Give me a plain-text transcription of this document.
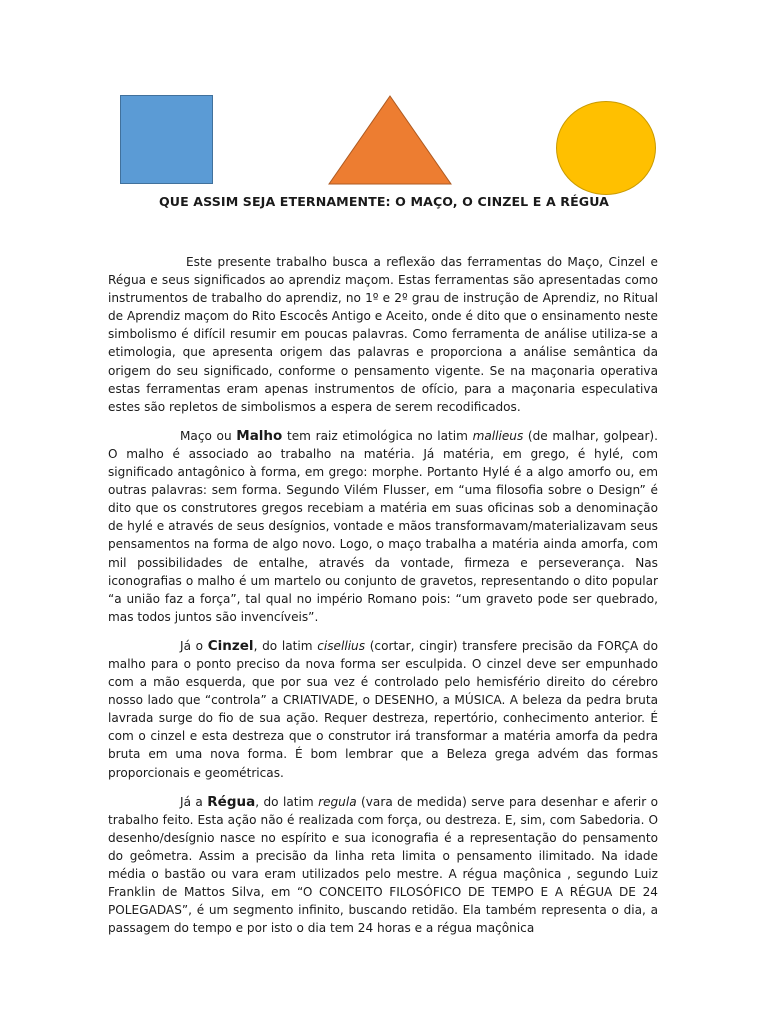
QUE ASSIM SEJA ETERNAMENTE: O MAÇO, O CINZEL E A RÉGUA

Este presente trabalho busca a reflexão das ferramentas do Maço, Cinzel e Régua e seus significados ao aprendiz maçom. Estas ferramentas são apresentadas como instrumentos de trabalho do aprendiz, no 1º e 2º grau de instrução de Aprendiz, no Ritual de Aprendiz maçom do Rito Escocês Antigo e Aceito, onde é dito que o ensinamento neste simbolismo é difícil resumir em poucas palavras. Como ferramenta de análise utiliza-se a etimologia, que apresenta origem das palavras e proporciona a análise semântica da origem do seu significado, conforme o pensamento vigente. Se na maçonaria operativa estas ferramentas eram apenas instrumentos de ofício, para a maçonaria especulativa estes são repletos de simbolismos a espera de serem recodificados.

Maço ou Malho tem raiz etimológica no latim mallieus (de malhar, golpear). O malho é associado ao trabalho na matéria. Já matéria, em grego, é hylé, com significado antagônico à forma, em grego: morphe. Portanto Hylé é a algo amorfo ou, em outras palavras: sem forma. Segundo Vilém Flusser, em “uma filosofia sobre o Design” é dito que os construtores gregos recebiam a matéria em suas oficinas sob a denominação de hylé e através de seus desígnios, vontade e mãos transformavam/materializavam seus pensamentos na forma de algo novo. Logo, o maço trabalha a matéria ainda amorfa, com mil possibilidades de entalhe, através da vontade, firmeza e perseverança. Nas iconografias o malho é um martelo ou conjunto de gravetos, representando o dito popular “a união faz a força”, tal qual no império Romano pois: “um graveto pode ser quebrado, mas todos juntos são invencíveis”.

Já o Cinzel, do latim cisellius (cortar, cingir) transfere precisão da FORÇA do malho para o ponto preciso da nova forma ser esculpida. O cinzel deve ser empunhado com a mão esquerda, que por sua vez é controlado pelo hemisfério direito do cérebro nosso lado que “controla” a CRIATIVADE, o DESENHO, a MÚSICA. A beleza da pedra bruta lavrada surge do fio de sua ação. Requer destreza, repertório, conhecimento anterior. É com o cinzel e esta destreza que o construtor irá transformar a matéria amorfa da pedra bruta em uma nova forma. É bom lembrar que a Beleza grega advém das formas proporcionais e geométricas.

Já a Régua, do latim regula (vara de medida) serve para desenhar e aferir o trabalho feito. Esta ação não é realizada com força, ou destreza. E, sim, com Sabedoria. O desenho/desígnio nasce no espírito e sua iconografia é a representação do pensamento do geômetra. Assim a precisão da linha reta limita o pensamento ilimitado. Na idade média o bastão ou vara eram utilizados pelo mestre. A régua maçônica , segundo Luiz Franklin de Mattos Silva, em “O CONCEITO FILOSÓFICO DE TEMPO E A RÉGUA DE 24 POLEGADAS”, é um segmento infinito, buscando retidão. Ela também representa o dia, a passagem do tempo e por isto o dia tem 24 horas e a régua maçônica
